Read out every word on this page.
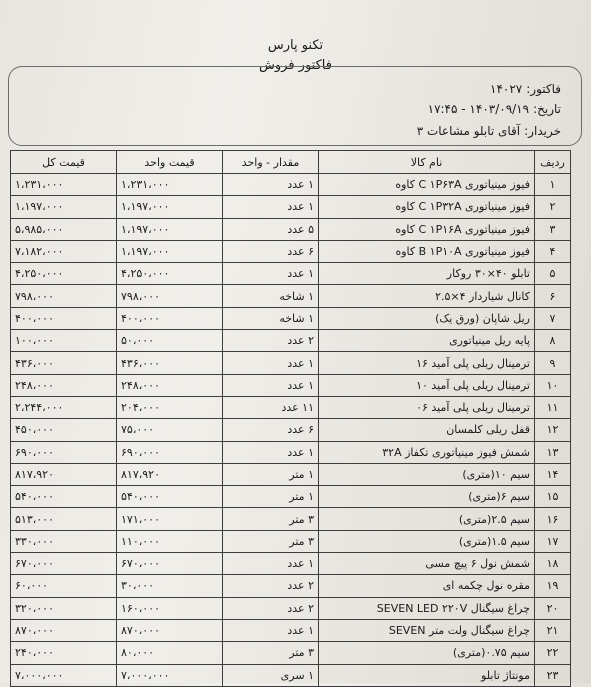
تکنو پارس
فاکتور فروش
فاکتور:۱۴۰۲۷
تاریخ:۱۴۰۳/۰۹/۱۹ - ۱۷:۴۵
خریدار:آقای تابلو مشاعات ۳
ردیف	نام کالا	مقدار - واحد	قیمت واحد	قیمت کل
۱	فیوز مینیاتوری C ۱P۶۳A کاوه	۱ عدد	۱،۲۳۱،۰۰۰	۱،۲۳۱،۰۰۰
۲	فیوز مینیاتوری C ۱P۳۲A کاوه	۱ عدد	۱،۱۹۷،۰۰۰	۱،۱۹۷،۰۰۰
۳	فیوز مینیاتوری C ۱P۱۶A کاوه	۵ عدد	۱،۱۹۷،۰۰۰	۵،۹۸۵،۰۰۰
۴	فیوز مینیاتوری B ۱P۱۰A کاوه	۶ عدد	۱،۱۹۷،۰۰۰	۷،۱۸۲،۰۰۰
۵	تابلو ۴۰×۳۰ روکار	۱ عدد	۴،۲۵۰،۰۰۰	۴،۲۵۰،۰۰۰
۶	کانال شیاردار ۴×۲.۵	۱ شاخه	۷۹۸،۰۰۰	۷۹۸،۰۰۰
۷	ریل شاپان (ورق یک)	۱ شاخه	۴۰۰،۰۰۰	۴۰۰،۰۰۰
۸	پایه ریل مینیاتوری	۲ عدد	۵۰،۰۰۰	۱۰۰،۰۰۰
۹	ترمینال ریلی پلی آمید ۱۶	۱ عدد	۴۳۶،۰۰۰	۴۳۶،۰۰۰
۱۰	ترمینال ریلی پلی آمید ۱۰	۱ عدد	۲۴۸،۰۰۰	۲۴۸،۰۰۰
۱۱	ترمینال ریلی پلی آمید ۰۶	۱۱ عدد	۲۰۴،۰۰۰	۲،۲۴۴،۰۰۰
۱۲	قفل ریلی کلمسان	۶ عدد	۷۵،۰۰۰	۴۵۰،۰۰۰
۱۳	شمش فیوز مینیاتوری تکفاز ۳۲A	۱ عدد	۶۹۰،۰۰۰	۶۹۰،۰۰۰
۱۴	سیم ۱۰(متری)	۱ متر	۸۱۷،۹۲۰	۸۱۷،۹۲۰
۱۵	سیم ۶(متری)	۱ متر	۵۴۰،۰۰۰	۵۴۰،۰۰۰
۱۶	سیم ۲.۵(متری)	۳ متر	۱۷۱،۰۰۰	۵۱۳،۰۰۰
۱۷	سیم ۱.۵(متری)	۳ متر	۱۱۰،۰۰۰	۳۳۰،۰۰۰
۱۸	شمش نول ۶ پیچ مسی	۱ عدد	۶۷۰،۰۰۰	۶۷۰،۰۰۰
۱۹	مقره نول چکمه ای	۲ عدد	۳۰،۰۰۰	۶۰،۰۰۰
۲۰	چراغ سیگنال SEVEN LED ۲۲۰V	۲ عدد	۱۶۰،۰۰۰	۳۲۰،۰۰۰
۲۱	چراغ سیگنال ولت متر SEVEN	۱ عدد	۸۷۰،۰۰۰	۸۷۰،۰۰۰
۲۲	سیم ۰.۷۵(متری)	۳ متر	۸۰،۰۰۰	۲۴۰،۰۰۰
۲۳	مونتاژ تابلو	۱ سری	۷،۰۰۰،۰۰۰	۷،۰۰۰،۰۰۰
